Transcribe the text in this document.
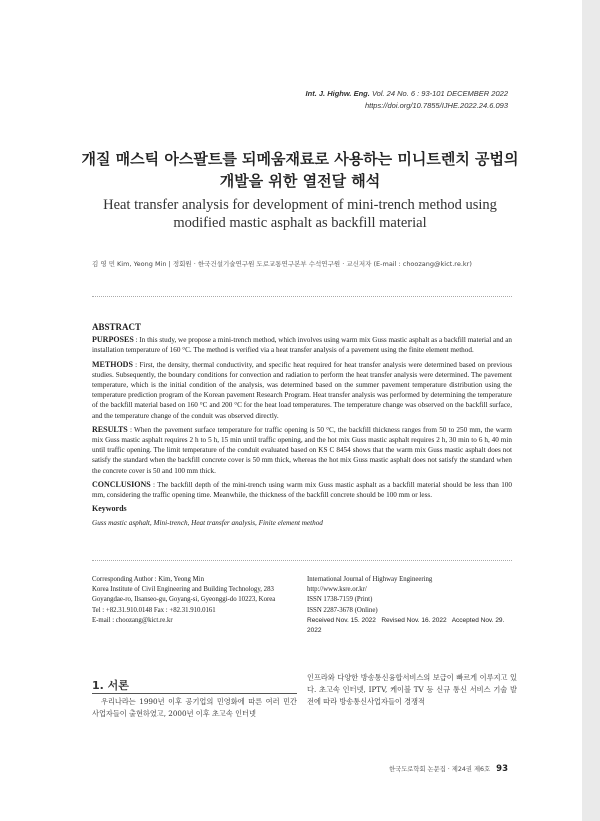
Int. J. Highw. Eng. Vol. 24 No. 6 : 93-101 DECEMBER 2022
https://doi.org/10.7855/IJHE.2022.24.6.093
개질 매스틱 아스팔트를 되메움재료로 사용하는 미니트렌치 공법의
개발을 위한 열전달 해석
Heat transfer analysis for development of mini-trench method using
modified mastic asphalt as backfill material
김 영 민 Kim, Yeong Min | 정회원 · 한국건설기술연구원 도로교통연구본부 수석연구원 · 교신저자 (E-mail : choozang@kict.re.kr)
ABSTRACT

PURPOSES : In this study, we propose a mini-trench method, which involves using warm mix Guss mastic asphalt as a backfill material and an installation temperature of 160 °C. The method is verified via a heat transfer analysis of a pavement using the finite element method.

METHODS : First, the density, thermal conductivity, and specific heat required for heat transfer analysis were determined based on previous studies. Subsequently, the boundary conditions for convection and radiation to perform the heat transfer analysis were determined. The pavement temperature, which is the initial condition of the analysis, was determined based on the summer pavement temperature distribution using the temperature prediction program of the Korean pavement Research Program. Heat transfer analysis was performed by determining the temperature of the backfill material based on 160 °C and 200 °C for the heat load temperatures. The temperature change was observed on the backfill surface, and the temperature change of the conduit was observed directly.

RESULTS : When the pavement surface temperature for traffic opening is 50 °C, the backfill thickness ranges from 50 to 250 mm, the warm mix Guss mastic asphalt requires 2 h to 5 h, 15 min until traffic opening, and the hot mix Guss mastic asphalt requires 2 h, 30 min to 6 h, 40 min until traffic opening. The limit temperature of the conduit evaluated based on KS C 8454 shows that the warm mix Guss mastic asphalt does not satisfy the standard when the backfill concrete cover is 50 mm thick, whereas the hot mix Guss mastic asphalt does not satisfy the standard when the concrete cover is 50 and 100 mm thick.

CONCLUSIONS : The backfill depth of the mini-trench using warm mix Guss mastic asphalt as a backfill material should be less than 100 mm, considering the traffic opening time. Meanwhile, the thickness of the backfill concrete should be 100 mm or less.

Keywords

Guss mastic asphalt, Mini-trench, Heat transfer analysis, Finite element method

Corresponding Author : Kim, Yeong Min
Korea Institute of Civil Engineering and Building Technology, 283
Goyangdae-ro, Ilsanseo-gu, Goyang-si, Gyeonggi-do 10223, Korea
Tel : +82.31.910.0148 Fax : +82.31.910.0161
E-mail : choozang@kict.re.kr
International Journal of Highway Engineering
http://www.ksre.or.kr/
ISSN 1738-7159 (Print)
ISSN 2287-3678 (Online)
Received Nov. 15. 2022 Revised Nov. 16. 2022 Accepted Nov. 29. 2022
1. 서론
우리나라는 1990년 이후 공기업의 민영화에 따른 여러 민간 사업자들이 출현하였고, 2000년 이후 초고속 인터넷
인프라와 다양한 방송통신융합서비스의 보급이 빠르게 이루지고 있다. 초고속 인터넷, IPTV, 케이블 TV 등 신규 통신 서비스 기술 발전에 따라 방송통신사업자들이 경쟁적
한국도로학회 논문집 · 제24권 제6호 93
